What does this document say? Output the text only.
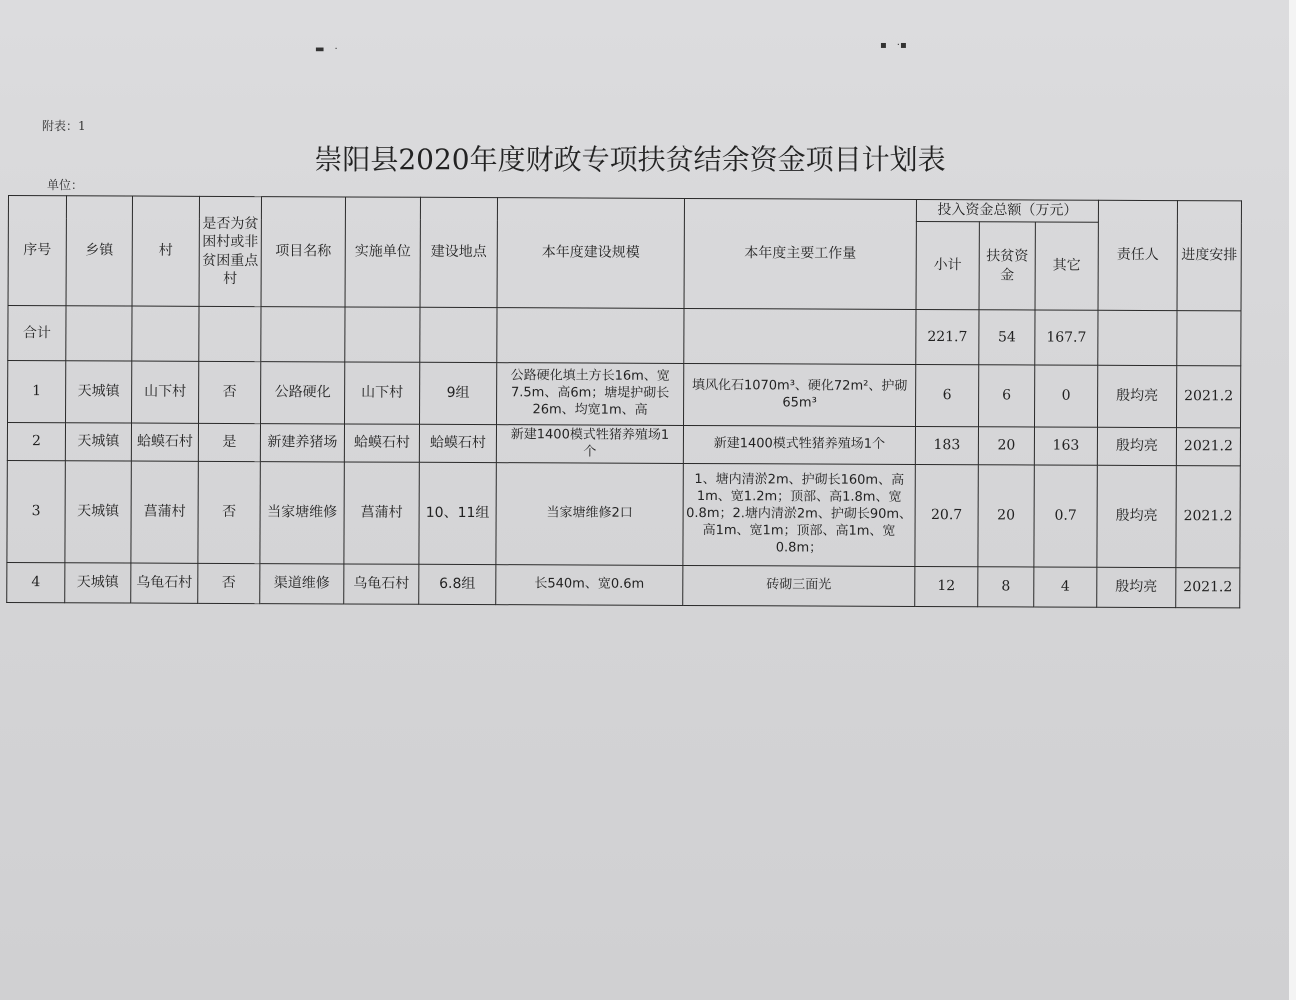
▬　·	▪　·▪
附表：1
崇阳县2020年度财政专项扶贫结余资金项目计划表
单位：
序号	乡镇	村	是否为贫困村或非贫困重点村	项目名称	实施单位	建设地点	本年度建设规模	本年度主要工作量	投入资金总额（万元）			责任人	进度安排
									小计	扶贫资金	其它		
合计									221.7	54	167.7		
1	天城镇	山下村	否	公路硬化	山下村	9组	公路硬化填土方长16m、宽7.5m、高6m；塘堤护砌长26m、均宽1m、高	填风化石1070m³、硬化72m²、护砌65m³	6	6	0	殷均亮	2021.2
2	天城镇	蛤蟆石村	是	新建养猪场	蛤蟆石村	蛤蟆石村	新建1400模式牲猪养殖场1　个	新建1400模式牲猪养殖场1个	183	20	163	殷均亮	2021.2
3	天城镇	菖蒲村	否	当家塘维修	菖蒲村	10、11组	当家塘维修2口	1、塘内清淤2m、护砌长160m、高1m、宽1.2m；顶部、高1.8m、宽0.8m；2.塘内清淤2m、护砌长90m、高1m、宽1m；顶部、高1m、宽0.8m；	20.7	20	0.7	殷均亮	2021.2
4	天城镇	乌龟石村	否	渠道维修	乌龟石村	6.8组	长540m、宽0.6m	砖砌三面光	12	8	4	殷均亮	2021.2
